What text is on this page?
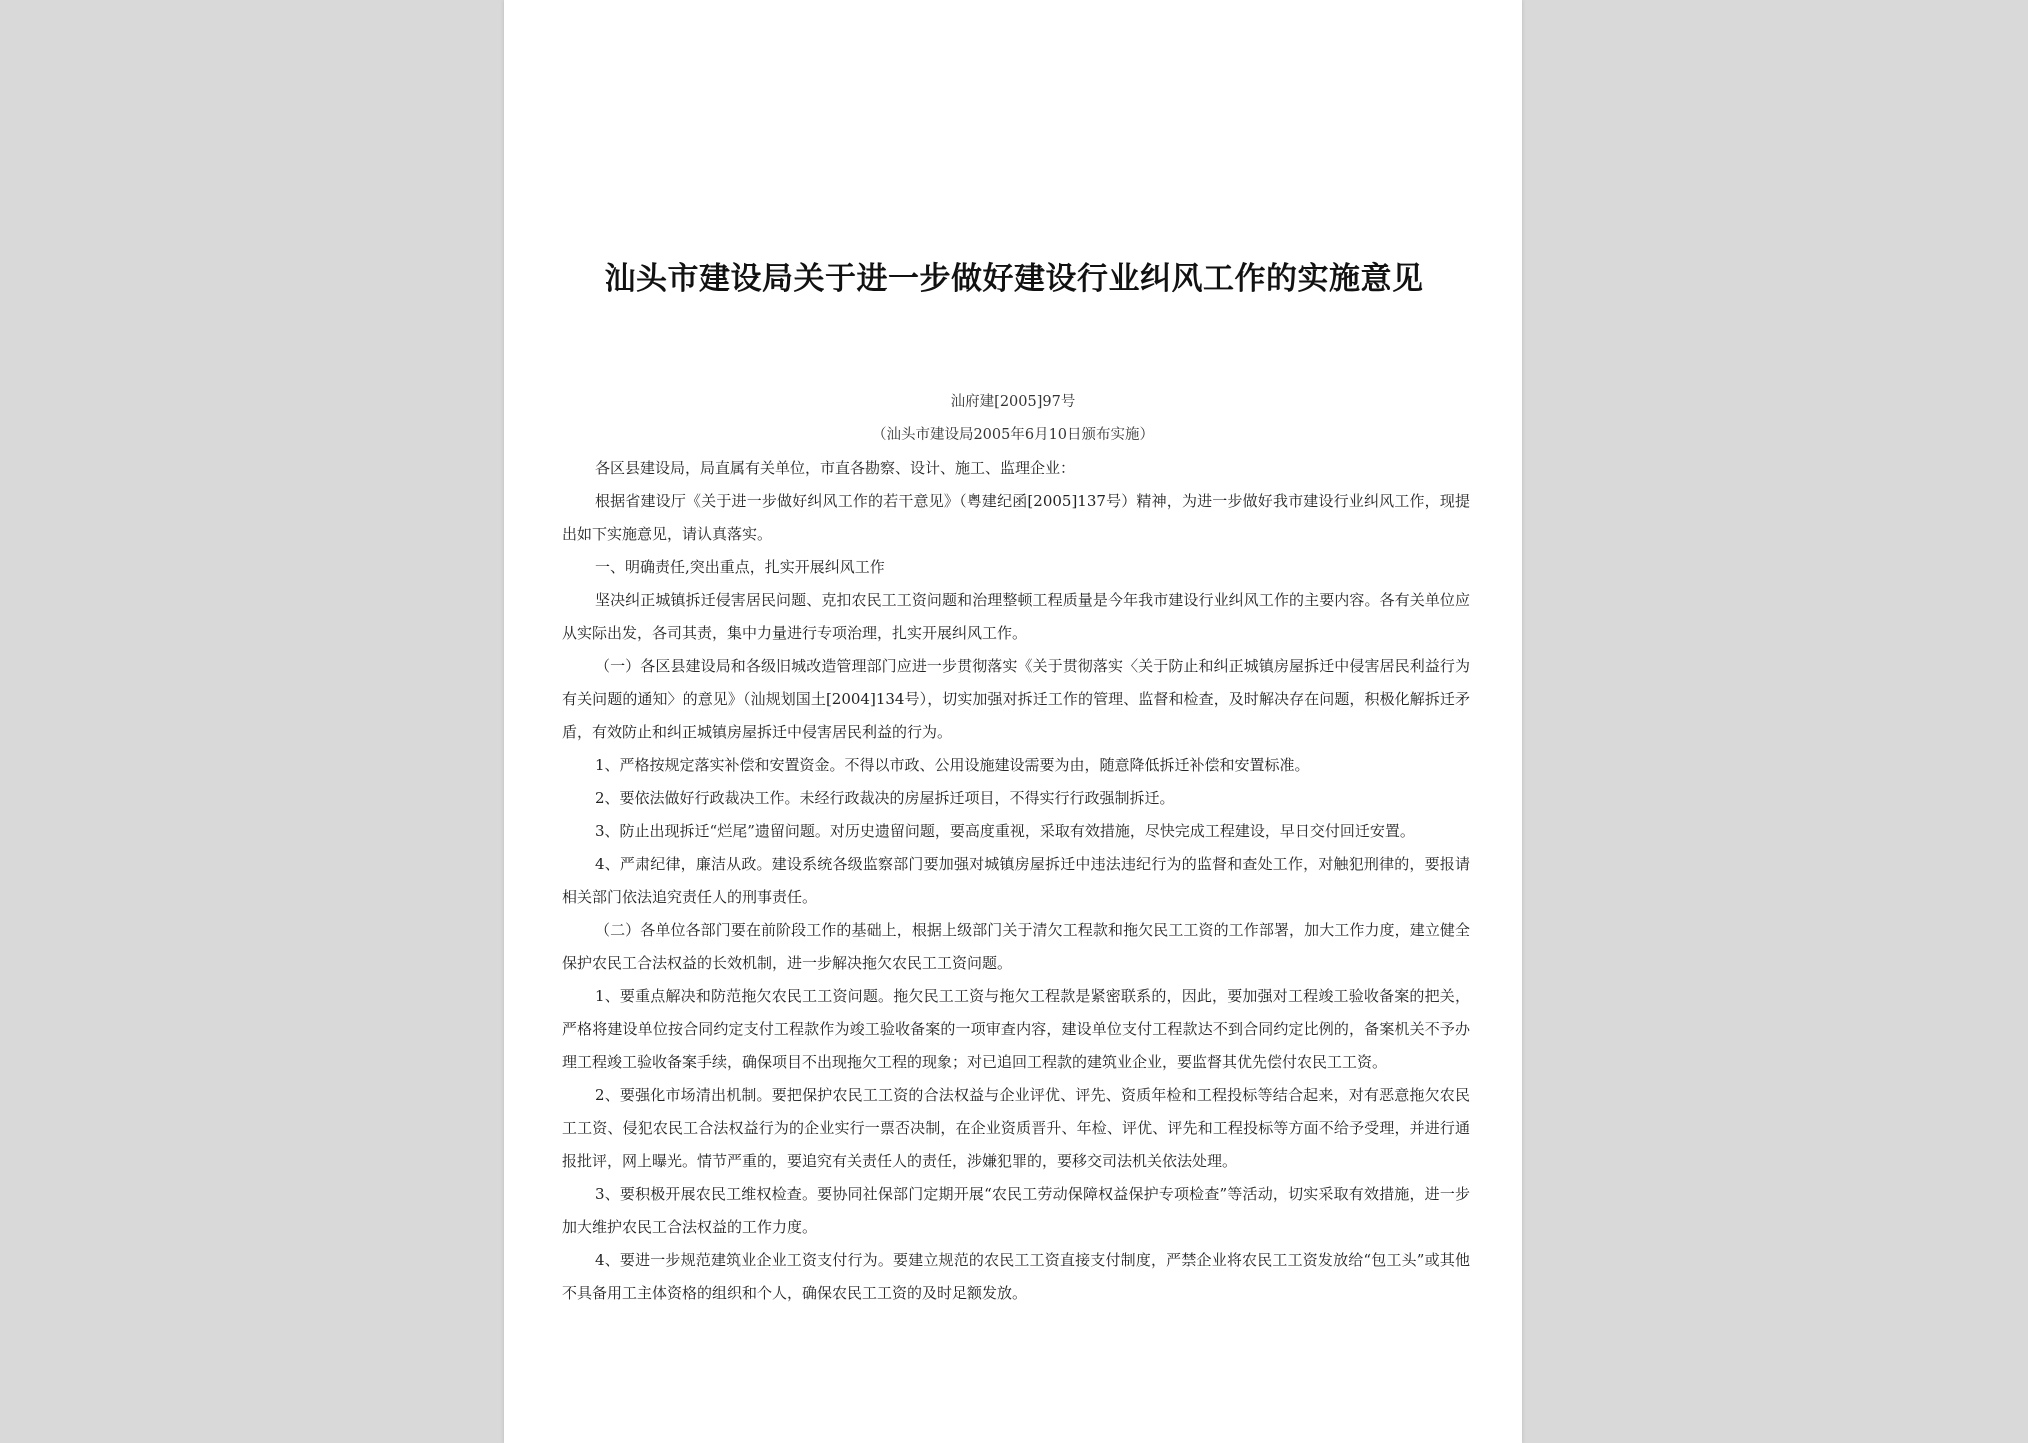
汕头市建设局关于进一步做好建设行业纠风工作的实施意见
汕府建[2005]97号
（汕头市建设局2005年6月10日颁布实施）

各区县建设局，局直属有关单位，市直各勘察、设计、施工、监理企业：

根据省建设厅《关于进一步做好纠风工作的若干意见》（粤建纪函[2005]137号）精神，为进一步做好我市建设行业纠风工作，现提出如下实施意见，请认真落实。

一、明确责任,突出重点，扎实开展纠风工作

坚决纠正城镇拆迁侵害居民问题、克扣农民工工资问题和治理整顿工程质量是今年我市建设行业纠风工作的主要内容。各有关单位应从实际出发，各司其责，集中力量进行专项治理，扎实开展纠风工作。

（一）各区县建设局和各级旧城改造管理部门应进一步贯彻落实《关于贯彻落实〈关于防止和纠正城镇房屋拆迁中侵害居民利益行为有关问题的通知〉的意见》（汕规划国土[2004]134号），切实加强对拆迁工作的管理、监督和检查，及时解决存在问题，积极化解拆迁矛盾，有效防止和纠正城镇房屋拆迁中侵害居民利益的行为。

1、严格按规定落实补偿和安置资金。不得以市政、公用设施建设需要为由，随意降低拆迁补偿和安置标准。

2、要依法做好行政裁决工作。未经行政裁决的房屋拆迁项目，不得实行行政强制拆迁。

3、防止出现拆迁“烂尾”遗留问题。对历史遗留问题，要高度重视，采取有效措施，尽快完成工程建设，早日交付回迁安置。

4、严肃纪律，廉洁从政。建设系统各级监察部门要加强对城镇房屋拆迁中违法违纪行为的监督和查处工作，对触犯刑律的，要报请相关部门依法追究责任人的刑事责任。

（二）各单位各部门要在前阶段工作的基础上，根据上级部门关于清欠工程款和拖欠民工工资的工作部署，加大工作力度，建立健全保护农民工合法权益的长效机制，进一步解决拖欠农民工工资问题。

1、要重点解决和防范拖欠农民工工资问题。拖欠民工工资与拖欠工程款是紧密联系的，因此，要加强对工程竣工验收备案的把关，严格将建设单位按合同约定支付工程款作为竣工验收备案的一项审查内容，建设单位支付工程款达不到合同约定比例的，备案机关不予办理工程竣工验收备案手续，确保项目不出现拖欠工程的现象；对已追回工程款的建筑业企业，要监督其优先偿付农民工工资。

2、要强化市场清出机制。要把保护农民工工资的合法权益与企业评优、评先、资质年检和工程投标等结合起来，对有恶意拖欠农民工工资、侵犯农民工合法权益行为的企业实行一票否决制，在企业资质晋升、年检、评优、评先和工程投标等方面不给予受理，并进行通报批评，网上曝光。情节严重的，要追究有关责任人的责任，涉嫌犯罪的，要移交司法机关依法处理。

3、要积极开展农民工维权检查。要协同社保部门定期开展“农民工劳动保障权益保护专项检查”等活动，切实采取有效措施，进一步加大维护农民工合法权益的工作力度。

4、要进一步规范建筑业企业工资支付行为。要建立规范的农民工工资直接支付制度，严禁企业将农民工工资发放给“包工头”或其他不具备用工主体资格的组织和个人，确保农民工工资的及时足额发放。
